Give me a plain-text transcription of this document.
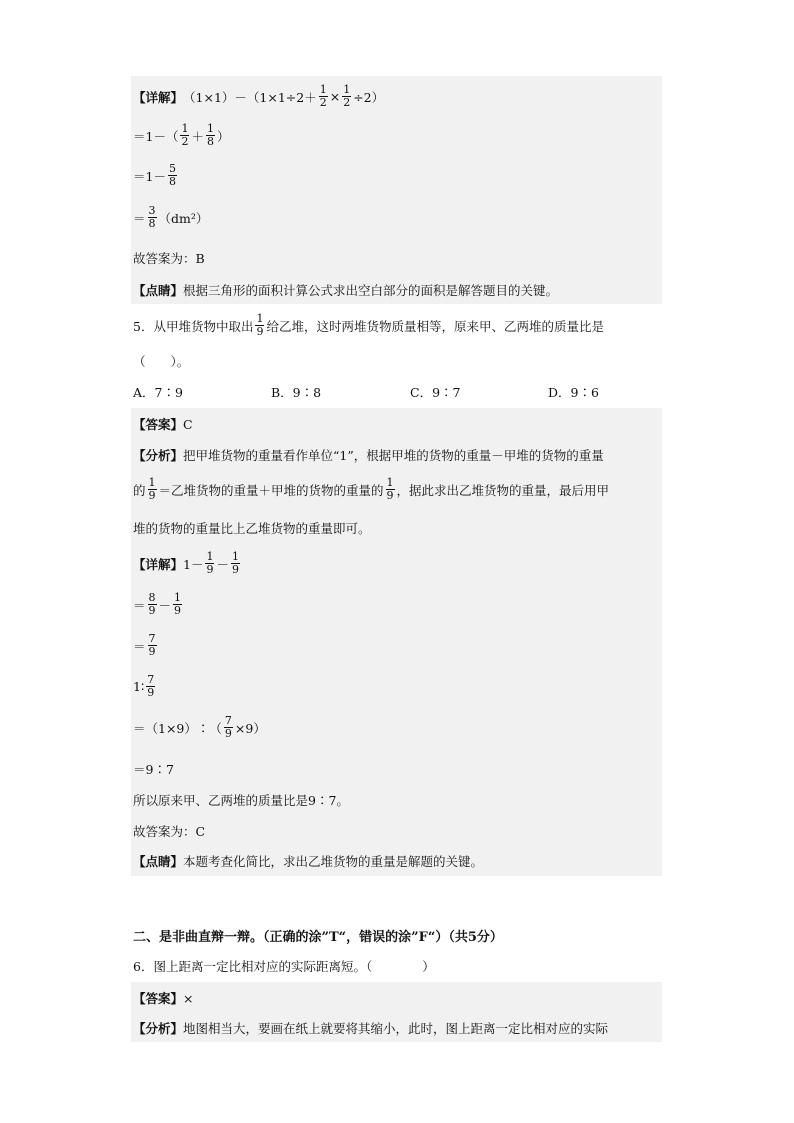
【详解】 $(1\times 1)-(1\times 1\div 2+ \frac{1}{2} \times \frac{1}{2} \div 2)$
$=1-( \frac{1}{2} + \frac{1}{8}$ ）
$=1- \frac{5}{8}$
＝ $\frac{3}{8} (dm^2)$
故答案为：B
【点睛】 根据三角形的面积计算公式求出空白部分的面积是解答题目的关键。
5．从甲堆货物中取出 $\frac{1}{9}$ 给乙堆，这时两堆货物质量相等，原来甲、乙两堆的质量比是
（　　）。
A．7∶9	B．9∶8	C．9∶7	D．9∶6
【答案】 C
【分析】 把甲堆货物的重量看作单位“1”，根据甲堆的货物的重量－甲堆的货物的重量
的 $\frac{1}{9}$ ＝乙堆货物的重量＋甲堆的货物的重量的 $\frac{1}{9}$ ，据此求出乙堆货物的重量，最后用甲
堆的货物的重量比上乙堆货物的重量即可。
【详解】 $1- \frac{1}{9} - \frac{1}{9}$
＝ $\frac{8}{9} - \frac{1}{9}$
＝ $\frac{7}{9}$
1∶ $\frac{7}{9}$
＝（1×9）∶（ $\frac{7}{9} \times 9$）
＝9∶7
所以原来甲、乙两堆的质量比是9∶7。
故答案为：C
【点睛】 本题考查化简比，求出乙堆货物的重量是解题的关键。
二、是非曲直辩一辩。（正确的涂”T“，错误的涂”F“）（共5分）
6．图上距离一定比相对应的实际距离短。（　　　　）
【答案】 ×
【分析】 地图相当大，要画在纸上就要将其缩小，此时，图上距离一定比相对应的实际
